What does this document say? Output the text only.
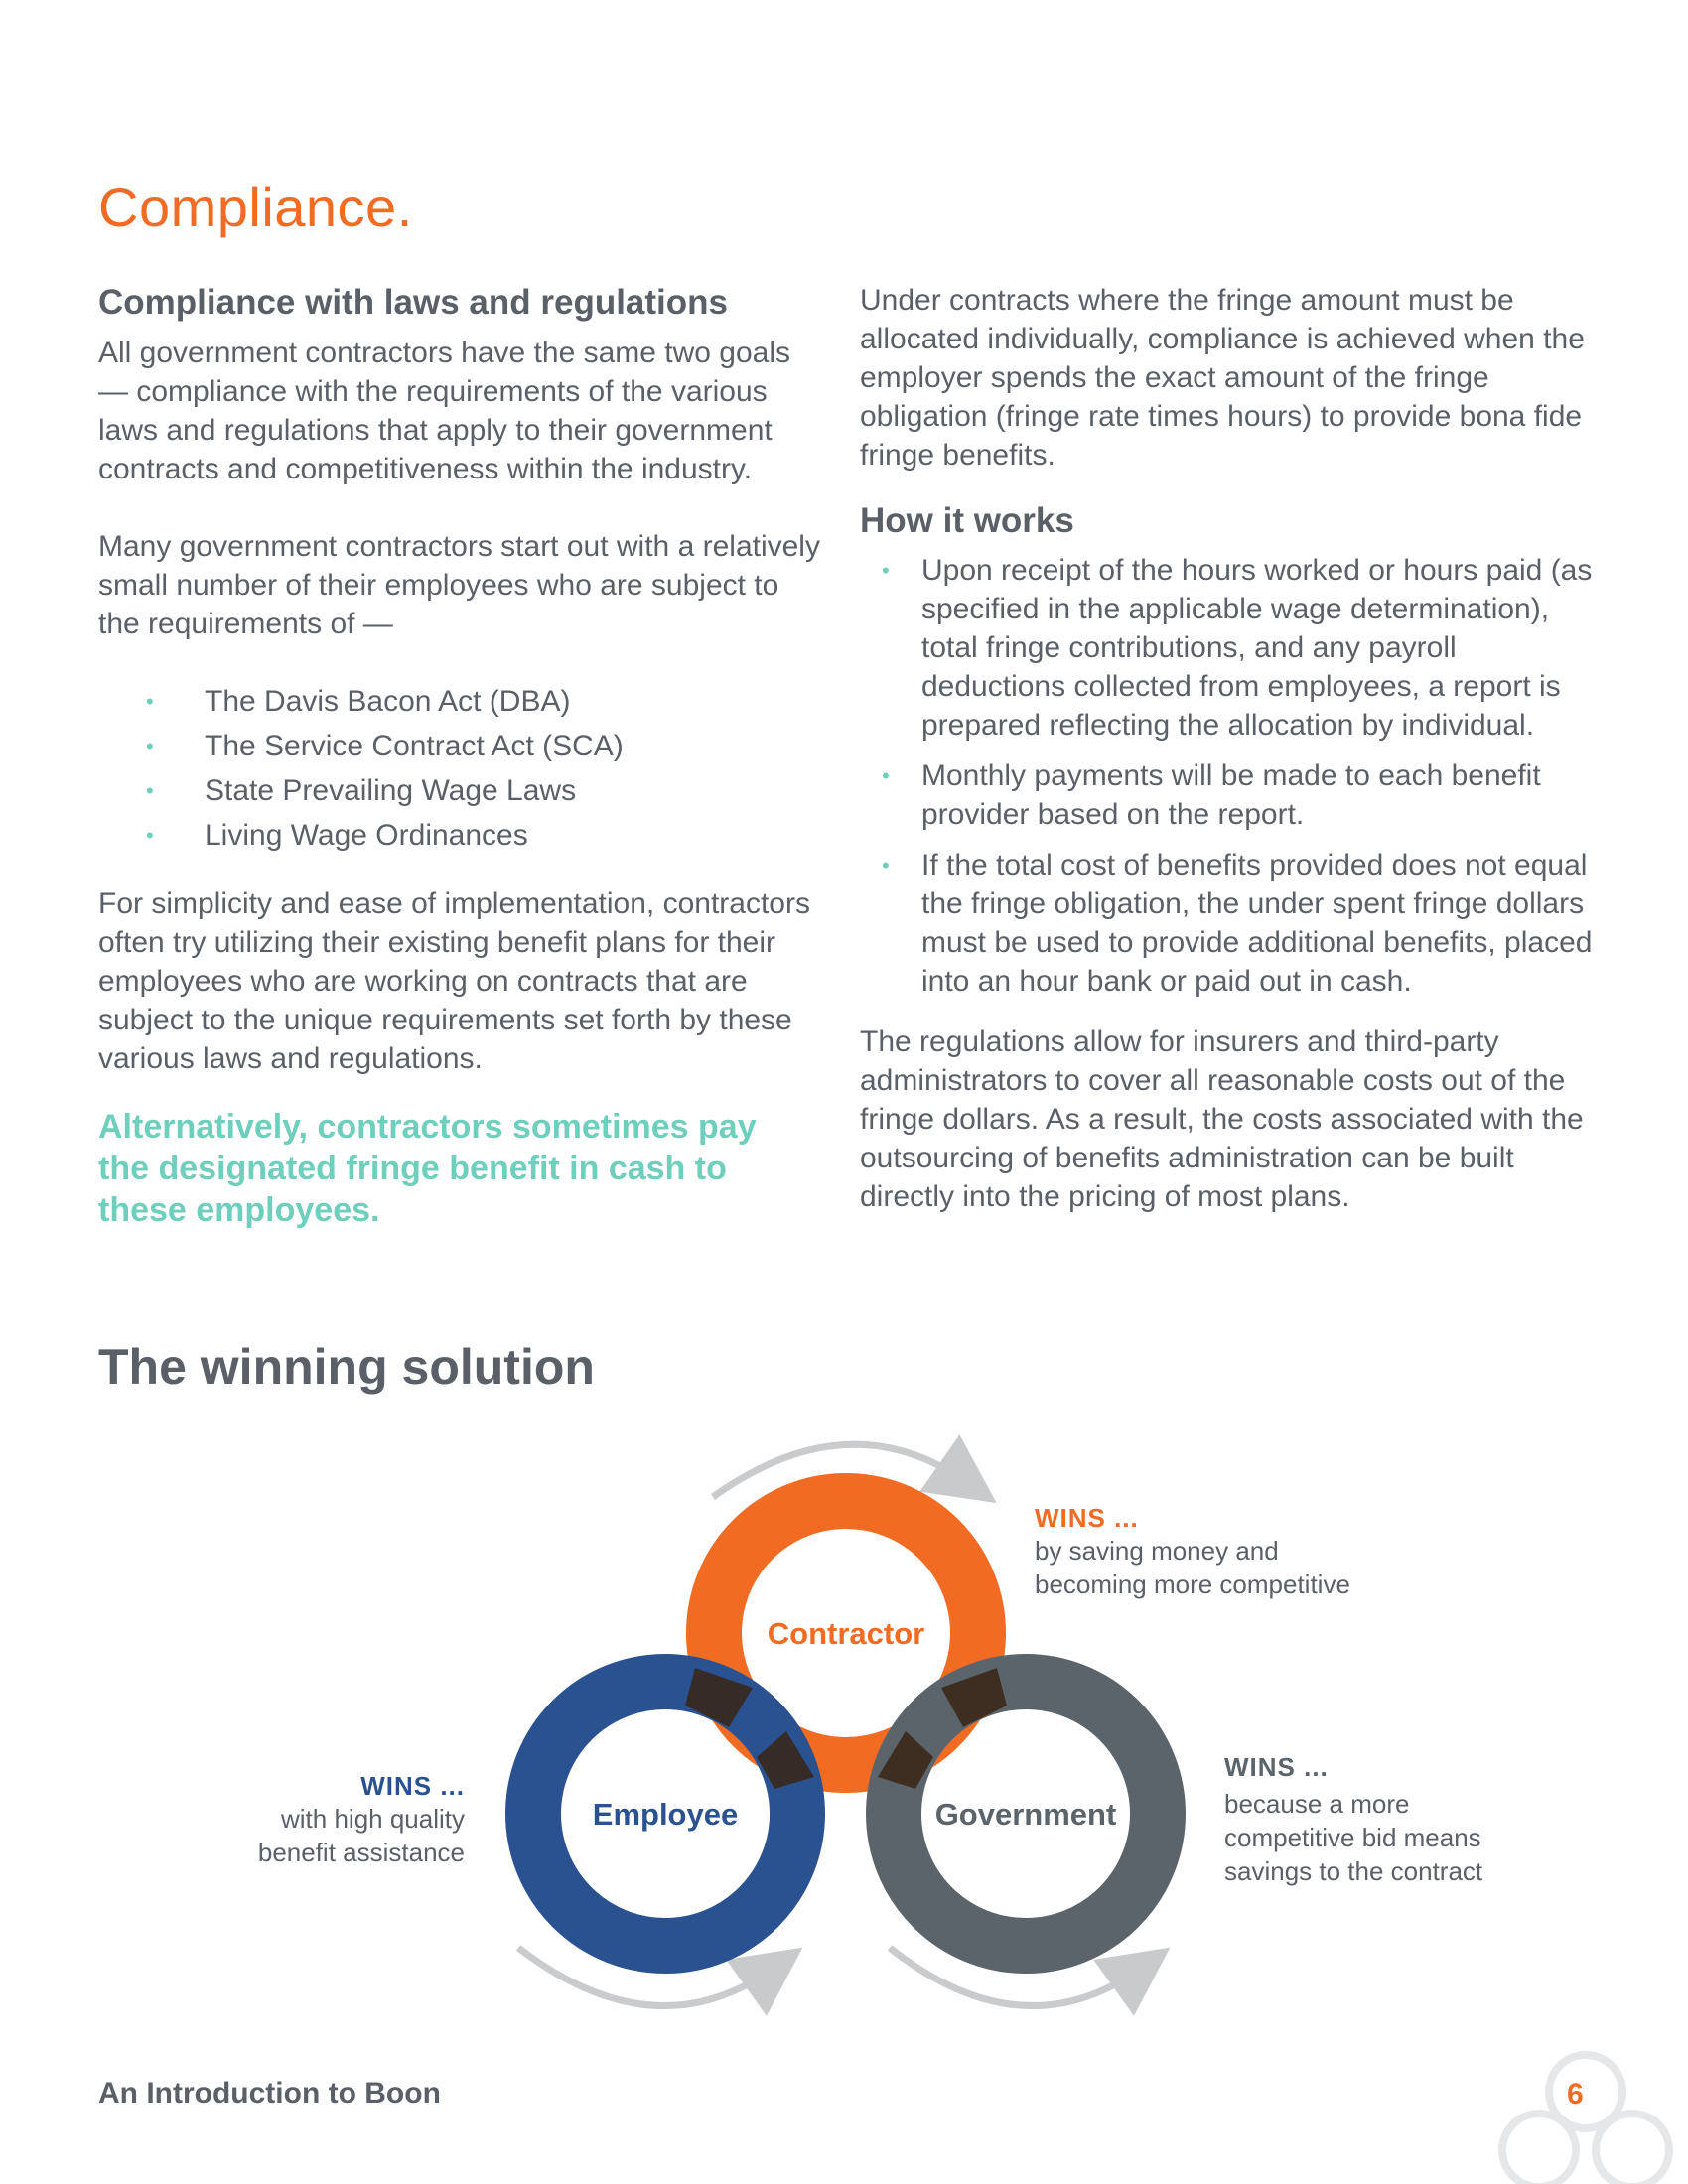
Compliance.
Compliance with laws and regulations

All government contractors have the same two goals — compliance with the requirements of the various laws and regulations that apply to their government contracts and competitiveness within the industry.

Many government contractors start out with a relatively small number of their employees who are subject to the requirements of —

• The Davis Bacon Act (DBA)
• The Service Contract Act (SCA)
• State Prevailing Wage Laws
• Living Wage Ordinances

For simplicity and ease of implementation, contractors often try utilizing their existing benefit plans for their employees who are working on contracts that are subject to the unique requirements set forth by these various laws and regulations.

Alternatively, contractors sometimes pay the designated fringe benefit in cash to these employees.

Under contracts where the fringe amount must be allocated individually, compliance is achieved when the employer spends the exact amount of the fringe obligation (fringe rate times hours) to provide bona fide fringe benefits.

How it works
• Upon receipt of the hours worked or hours paid (as specified in the applicable wage determination), total fringe contributions, and any payroll deductions collected from employees, a report is prepared reflecting the allocation by individual.
• Monthly payments will be made to each benefit provider based on the report.
• If the total cost of benefits provided does not equal the fringe obligation, the under spent fringe dollars must be used to provide additional benefits, placed into an hour bank or paid out in cash.

The regulations allow for insurers and third-party administrators to cover all reasonable costs out of the fringe dollars. As a result, the costs associated with the outsourcing of benefits administration can be built directly into the pricing of most plans.

The winning solution
Contractor
Employee	Government
WINS ...
by saving money and
becoming more competitive
WINS ...
with high quality
benefit assistance
WINS ...
because a more
competitive bid means
savings to the contract
An Introduction to Boon	6
